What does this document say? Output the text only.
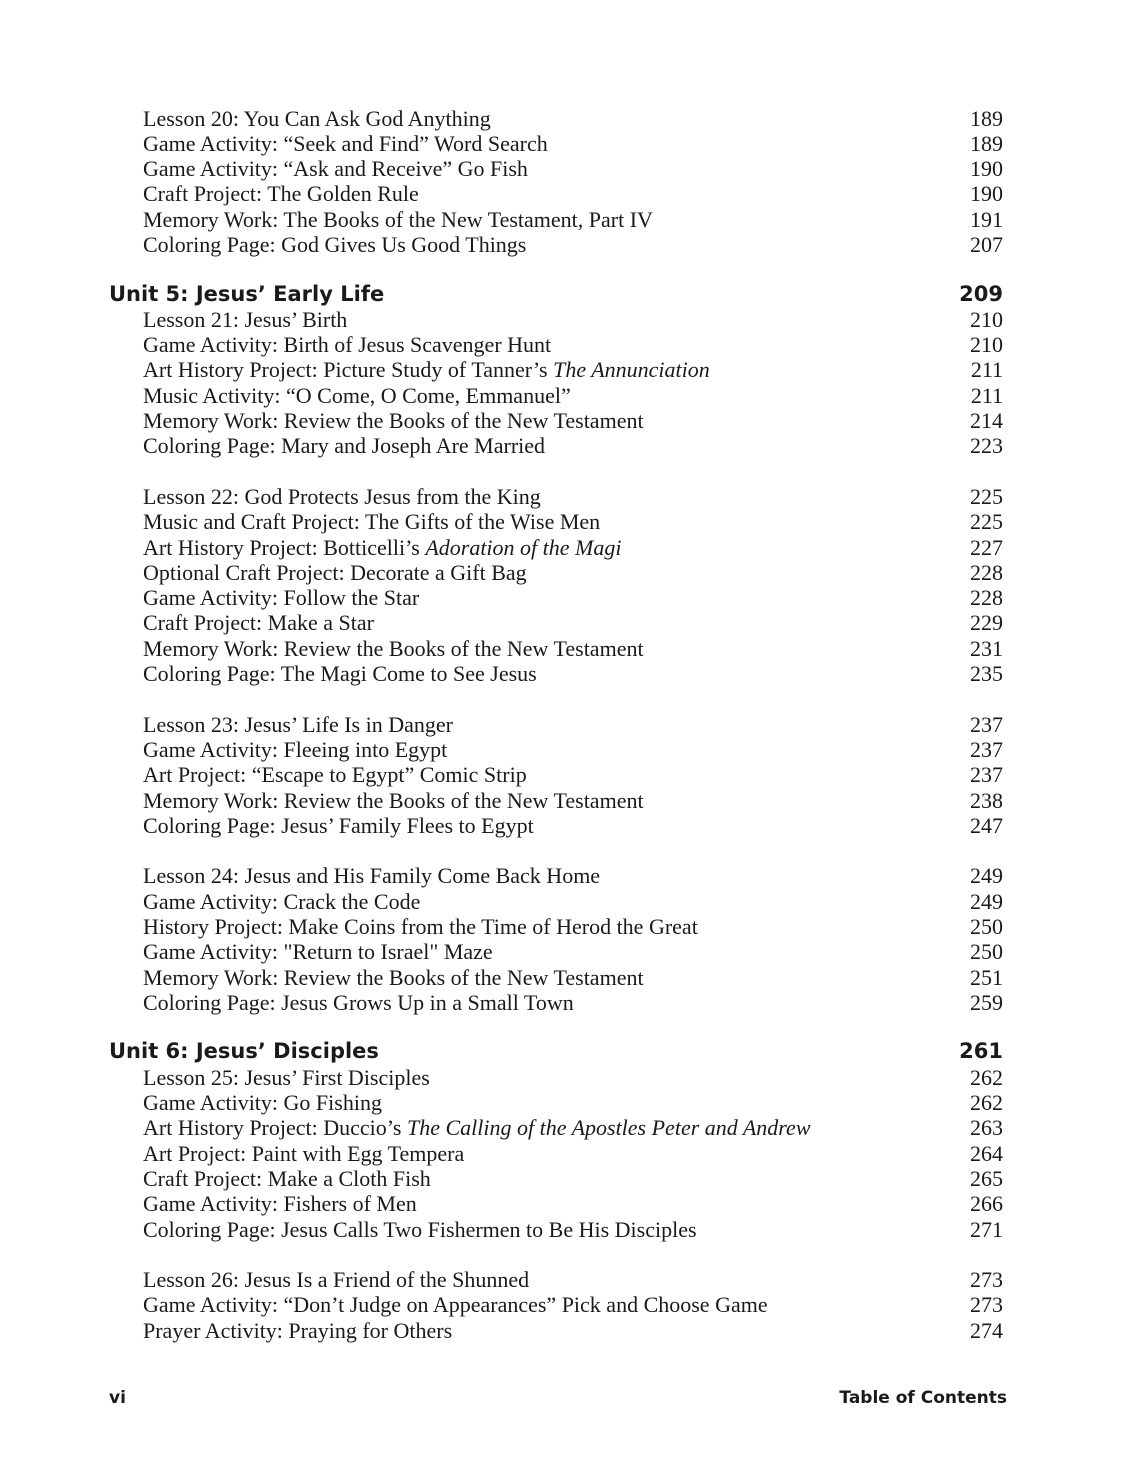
Lesson 20: You Can Ask God Anything	189
Game Activity: “Seek and Find” Word Search	189
Game Activity: “Ask and Receive” Go Fish	190
Craft Project: The Golden Rule	190
Memory Work: The Books of the New Testament, Part IV	191
Coloring Page: God Gives Us Good Things	207
Unit 5: Jesus’ Early Life	209
Lesson 21: Jesus’ Birth	210
Game Activity: Birth of Jesus Scavenger Hunt	210
Art History Project: Picture Study of Tanner’s The Annunciation	211
Music Activity: “O Come, O Come, Emmanuel”	211
Memory Work: Review the Books of the New Testament	214
Coloring Page: Mary and Joseph Are Married	223
Lesson 22: God Protects Jesus from the King	225
Music and Craft Project: The Gifts of the Wise Men	225
Art History Project: Botticelli’s Adoration of the Magi	227
Optional Craft Project: Decorate a Gift Bag	228
Game Activity: Follow the Star	228
Craft Project: Make a Star	229
Memory Work: Review the Books of the New Testament	231
Coloring Page: The Magi Come to See Jesus	235
Lesson 23: Jesus’ Life Is in Danger	237
Game Activity: Fleeing into Egypt	237
Art Project: “Escape to Egypt” Comic Strip	237
Memory Work: Review the Books of the New Testament	238
Coloring Page: Jesus’ Family Flees to Egypt	247
Lesson 24: Jesus and His Family Come Back Home	249
Game Activity: Crack the Code	249
History Project: Make Coins from the Time of Herod the Great	250
Game Activity: "Return to Israel" Maze	250
Memory Work: Review the Books of the New Testament	251
Coloring Page: Jesus Grows Up in a Small Town	259
Unit 6: Jesus’ Disciples	261
Lesson 25: Jesus’ First Disciples	262
Game Activity: Go Fishing	262
Art History Project: Duccio’s The Calling of the Apostles Peter and Andrew	263
Art Project: Paint with Egg Tempera	264
Craft Project: Make a Cloth Fish	265
Game Activity: Fishers of Men	266
Coloring Page: Jesus Calls Two Fishermen to Be His Disciples	271
Lesson 26: Jesus Is a Friend of the Shunned	273
Game Activity: “Don’t Judge on Appearances” Pick and Choose Game	273
Prayer Activity: Praying for Others	274
vi	Table of Contents
